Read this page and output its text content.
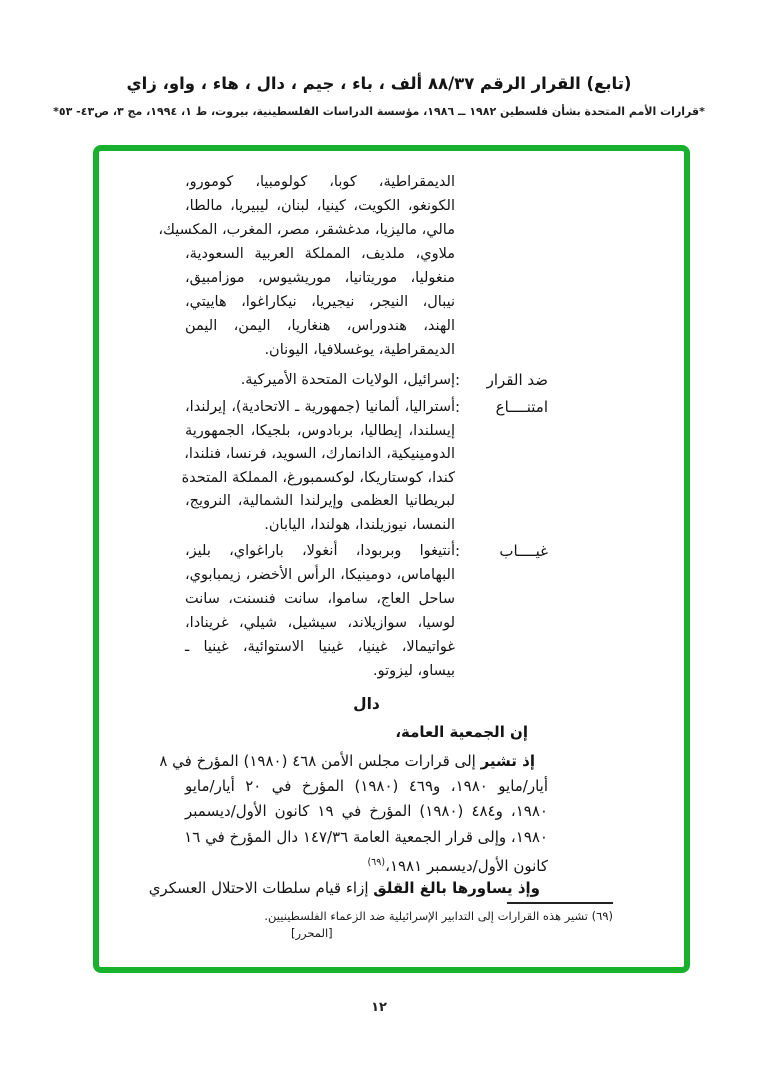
(تابع) القرار الرقم ٨٨/٣٧ ألف ، باء ، جيم ، دال ، هاء ، واو، زاي
*قرارات الأمم المتحدة بشأن فلسطين ١٩٨٢ ــ ١٩٨٦، مؤسسة الدراسات الفلسطينية، بيروت، ط ١، ١٩٩٤، مج ٣، ص٤٣- ٥٣*
الديمقراطية، كوبا، كولومبيا، كومورو،
الكونغو، الكويت، كينيا، لبنان، ليبيريا، مالطا،
مالي، ماليزيا، مدغشقر، مصر، المغرب، المكسيك،
ملاوي، ملديف، المملكة العربية السعودية،
منغوليا، موريتانيا، موريشيوس، موزامبيق،
نيبال، النيجر، نيجيريا، نيكاراغوا، هاييتي،
الهند، هندوراس، هنغاريا، اليمن، اليمن
الديمقراطية، يوغسلافيا، اليونان.
ضد القرار
:
إسرائيل، الولايات المتحدة الأميركية.
امتنــــاع
:
أستراليا، ألمانيا (جمهورية ـ الاتحادية)، إيرلندا،
إيسلندا، إيطاليا، بربادوس، بلجيكا، الجمهورية
الدومينيكية، الدانمارك، السويد، فرنسا، فنلندا،
كندا، كوستاريكا، لوكسمبورغ، المملكة المتحدة
لبريطانيا العظمى وإيرلندا الشمالية، النرويج،
النمسا، نيوزيلندا، هولندا، اليابان.
غيــــاب
:
أنتيغوا وبربودا، أنغولا، باراغواي، بليز،
البهاماس، دومينيكا، الرأس الأخضر، زيمبابوي،
ساحل العاج، ساموا، سانت فنسنت، سانت
لوسيا، سوازيلاند، سيشيل، شيلي، غرينادا،
غواتيمالا، غينيا، غينيا الاستوائية، غينيا ـ
بيساو، ليزوتو.
دال
إن الجمعية العامة،
إذ تشير إلى قرارات مجلس الأمن ٤٦٨ (١٩٨٠) المؤرخ في ٨
أيار/مايو ١٩٨٠، و٤٦٩ (١٩٨٠) المؤرخ في ٢٠ أيار/مايو
١٩٨٠، و٤٨٤ (١٩٨٠) المؤرخ في ١٩ كانون الأول/ديسمبر
١٩٨٠، وإلى قرار الجمعية العامة ١٤٧/٣٦ دال المؤرخ في ١٦
كانون الأول/ديسمبر ١٩٨١،$^{(٦٩)}$
وإذ يساورها بالغ القلق إزاء قيام سلطات الاحتلال العسكري
(٦٩) تشير هذه القرارات إلى التدابير الإسرائيلية ضد الزعماء الفلسطينيين.
[المحرر]
١٢
